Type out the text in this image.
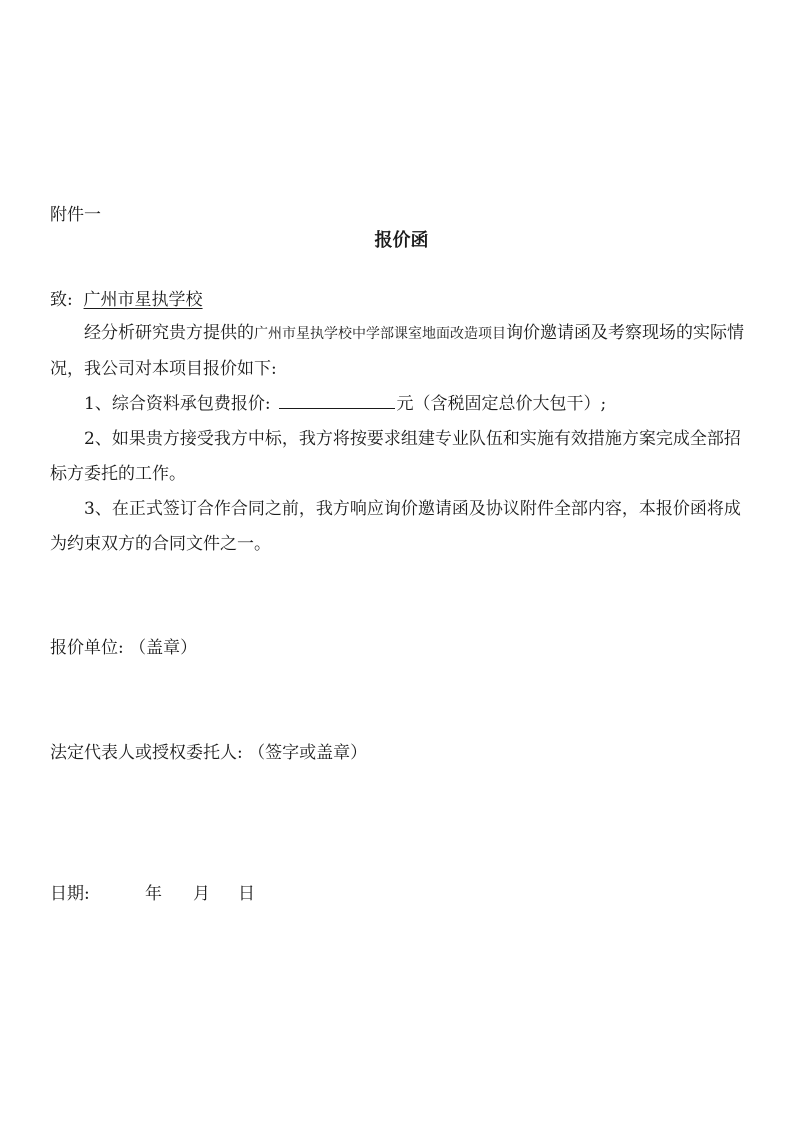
附件一
报价函
致: 广州市星执学校
经分析研究贵方提供的广州市星执学校中学部课室地面改造项目询价邀请函及考察现场的实际情况，我公司对本项目报价如下:
1、综合资料承包费报价:	元（含税固定总价大包干）;
2、如果贵方接受我方中标，我方将按要求组建专业队伍和实施有效措施方案完成全部招标方委托的工作。
3、在正式签订合作合同之前，我方响应询价邀请函及协议附件全部内容，本报价函将成为约束双方的合同文件之一。
报价单位: （盖章）
法定代表人或授权委托人: （签字或盖章）
日期:	年 月 日
